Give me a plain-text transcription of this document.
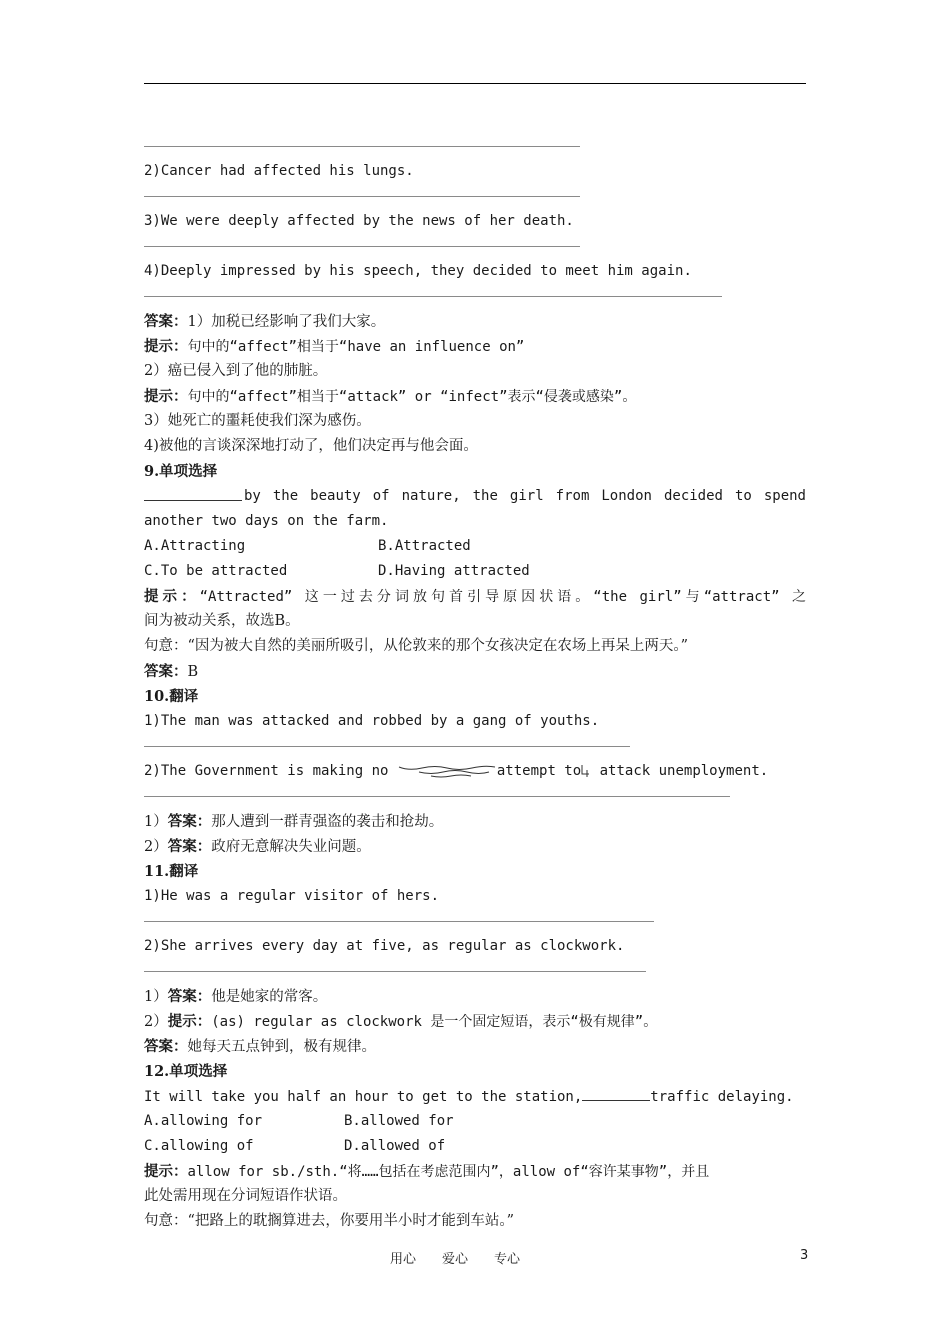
2)Cancer had affected his lungs.
3)We were deeply affected by the news of her death.
4)Deeply impressed by his speech, they decided to meet him again.
答案：1）加税已经影响了我们大家。
提示：句中的“affect”相当于“have an influence on”
2）癌已侵入到了他的肺脏。
提示：句中的“affect”相当于“attack” or “infect”表示“侵袭或感染”。
3）她死亡的噩耗使我们深为感伤。
4)被他的言谈深深地打动了，他们决定再与他会面。
9.单项选择
by the beauty of nature, the girl from London decided to spend
another two days on the farm.
A.Attracting	B.Attracted
C.To be attracted	D.Having attracted
提示：“Attracted” 这一过去分词放句首引导原因状语。“the girl”与“attract” 之
间为被动关系，故选B。
句意：“因为被大自然的美丽所吸引，从伦敦来的那个女孩决定在农场上再呆上两天。”
答案：B
10.翻译
1)The man was attacked and robbed by a gang of youths.
2)The Government is making no	attempt to attack unemployment.
1）答案：那人遭到一群青强盗的袭击和抢劫。
2）答案：政府无意解决失业问题。
11.翻译
1)He was a regular visitor of hers.
2)She arrives every day at five, as regular as clockwork.
1）答案：他是她家的常客。
2）提示：(as) regular as clockwork 是一个固定短语，表示“极有规律”。
答案：她每天五点钟到，极有规律。
12.单项选择
It will take you half an hour to get to the station,	traffic delaying.
A.allowing for	B.allowed for
C.allowing of	D.allowed of
提示：allow for sb./sth.“将……包括在考虑范围内”，allow of“容许某事物”，并且
此处需用现在分词短语作状语。
句意：“把路上的耽搁算进去，你要用半小时才能到车站。”
用心 爱心 专心	3
